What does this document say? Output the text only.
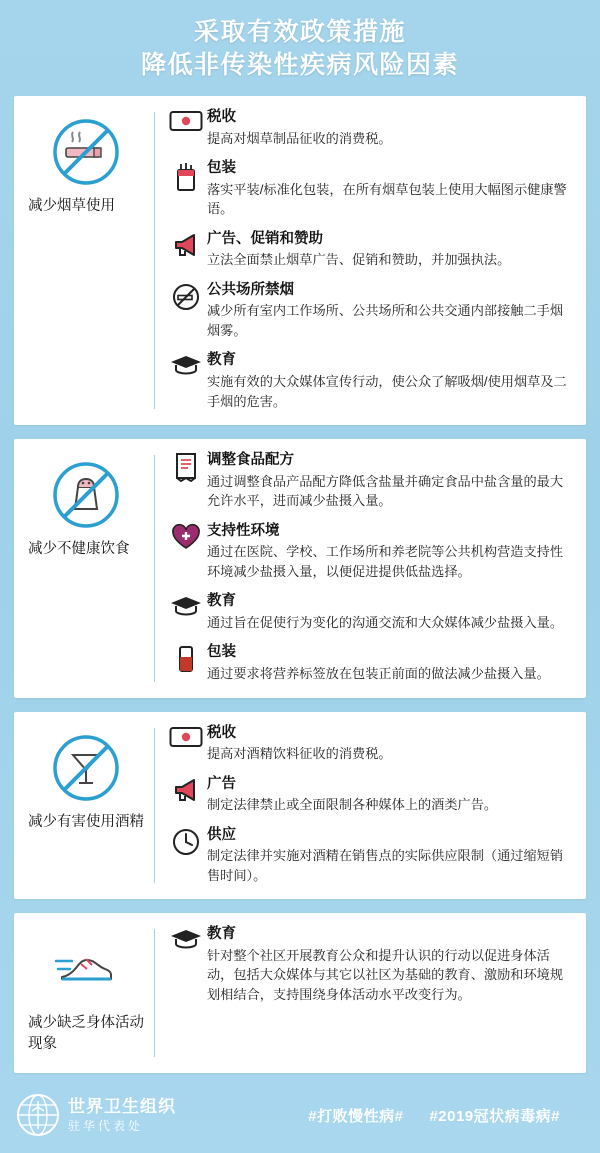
采取有效政策措施
降低非传染性疾病风险因素
减少烟草使用
税收
提高对烟草制品征收的消费税。
包装
落实平装/标准化包装，在所有烟草包装上使用大幅图示健康警语。
广告、促销和赞助
立法全面禁止烟草广告、促销和赞助，并加强执法。
公共场所禁烟
减少所有室内工作场所、公共场所和公共交通内部接触二手烟烟雾。
教育
实施有效的大众媒体宣传行动，使公众了解吸烟/使用烟草及二手烟的危害。
减少不健康饮食
调整食品配方
通过调整食品产品配方降低含盐量并确定食品中盐含量的最大允许水平，进而减少盐摄入量。
支持性环境
通过在医院、学校、工作场所和养老院等公共机构营造支持性环境减少盐摄入量，以便促进提供低盐选择。
教育
通过旨在促使行为变化的沟通交流和大众媒体减少盐摄入量。
包装
通过要求将营养标签放在包装正前面的做法减少盐摄入量。
减少有害使用酒精
税收
提高对酒精饮料征收的消费税。
广告
制定法律禁止或全面限制各种媒体上的酒类广告。
供应
制定法律并实施对酒精在销售点的实际供应限制（通过缩短销售时间）。
减少缺乏身体活动现象
教育
针对整个社区开展教育公众和提升认识的行动以促进身体活动，包括大众媒体与其它以社区为基础的教育、激励和环境规划相结合，支持围绕身体活动水平改变行为。
世界卫生组织
驻华代表处
#打败慢性病# #2019冠状病毒病#
